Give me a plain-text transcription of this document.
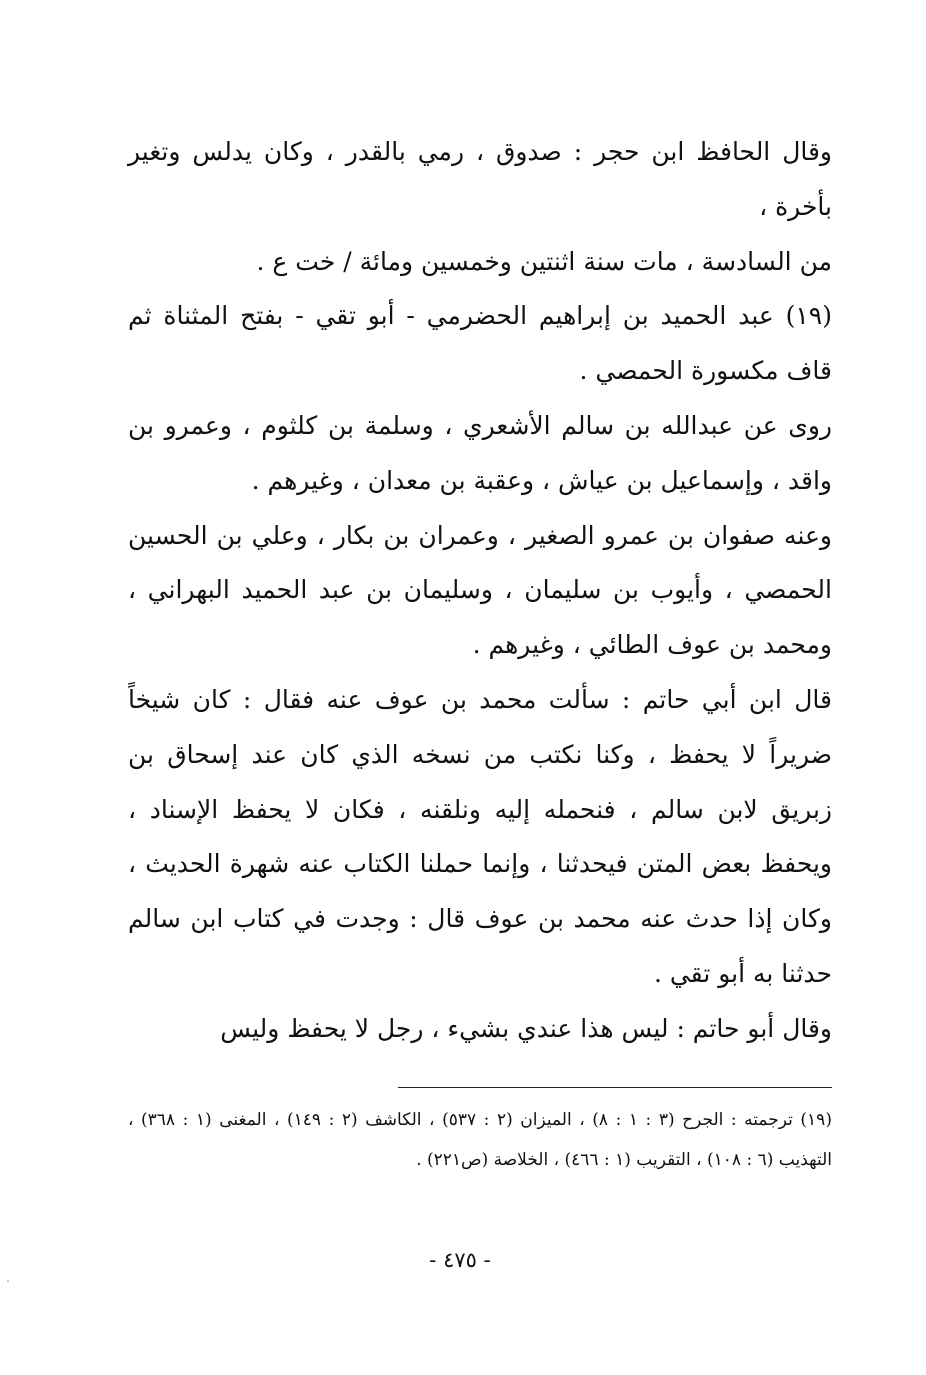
وقال الحافظ ابن حجر : صدوق ، رمي بالقدر ، وكان يدلس وتغير بأخرة ،

من السادسة ، مات سنة اثنتين وخمسين ومائة / خت ع .

(١٩) عبد الحميد بن إبراهيم الحضرمي - أبو تقي - بفتح المثناة ثم قاف مكسورة الحمصي .

روى عن عبدالله بن سالم الأشعري ، وسلمة بن كلثوم ، وعمرو بن واقد ، وإسماعيل بن عياش ، وعقبة بن معدان ، وغيرهم .

وعنه صفوان بن عمرو الصغير ، وعمران بن بكار ، وعلي بن الحسين الحمصي ، وأيوب بن سليمان ، وسليمان بن عبد الحميد البهراني ، ومحمد بن عوف الطائي ، وغيرهم .

قال ابن أبي حاتم : سألت محمد بن عوف عنه فقال : كان شيخاً ضريراً لا يحفظ ، وكنا نكتب من نسخه الذي كان عند إسحاق بن زبريق لابن سالم ، فنحمله إليه ونلقنه ، فكان لا يحفظ الإسناد ، ويحفظ بعض المتن فيحدثنا ، وإنما حملنا الكتاب عنه شهرة الحديث ، وكان إذا حدث عنه محمد بن عوف قال : وجدت في كتاب ابن سالم حدثنا به أبو تقي .

وقال أبو حاتم : ليس هذا عندي بشيء ، رجل لا يحفظ وليس

(١٩) ترجمته : الجرح (٣ : ١ : ٨) ، الميزان (٢ : ٥٣٧) ، الكاشف (٢ : ١٤٩) ، المغنى (١ : ٣٦٨) ، التهذيب (٦ : ١٠٨) ، التقريب (١ : ٤٦٦) ، الخلاصة (ص٢٢١) .

- ٤٧٥ -
